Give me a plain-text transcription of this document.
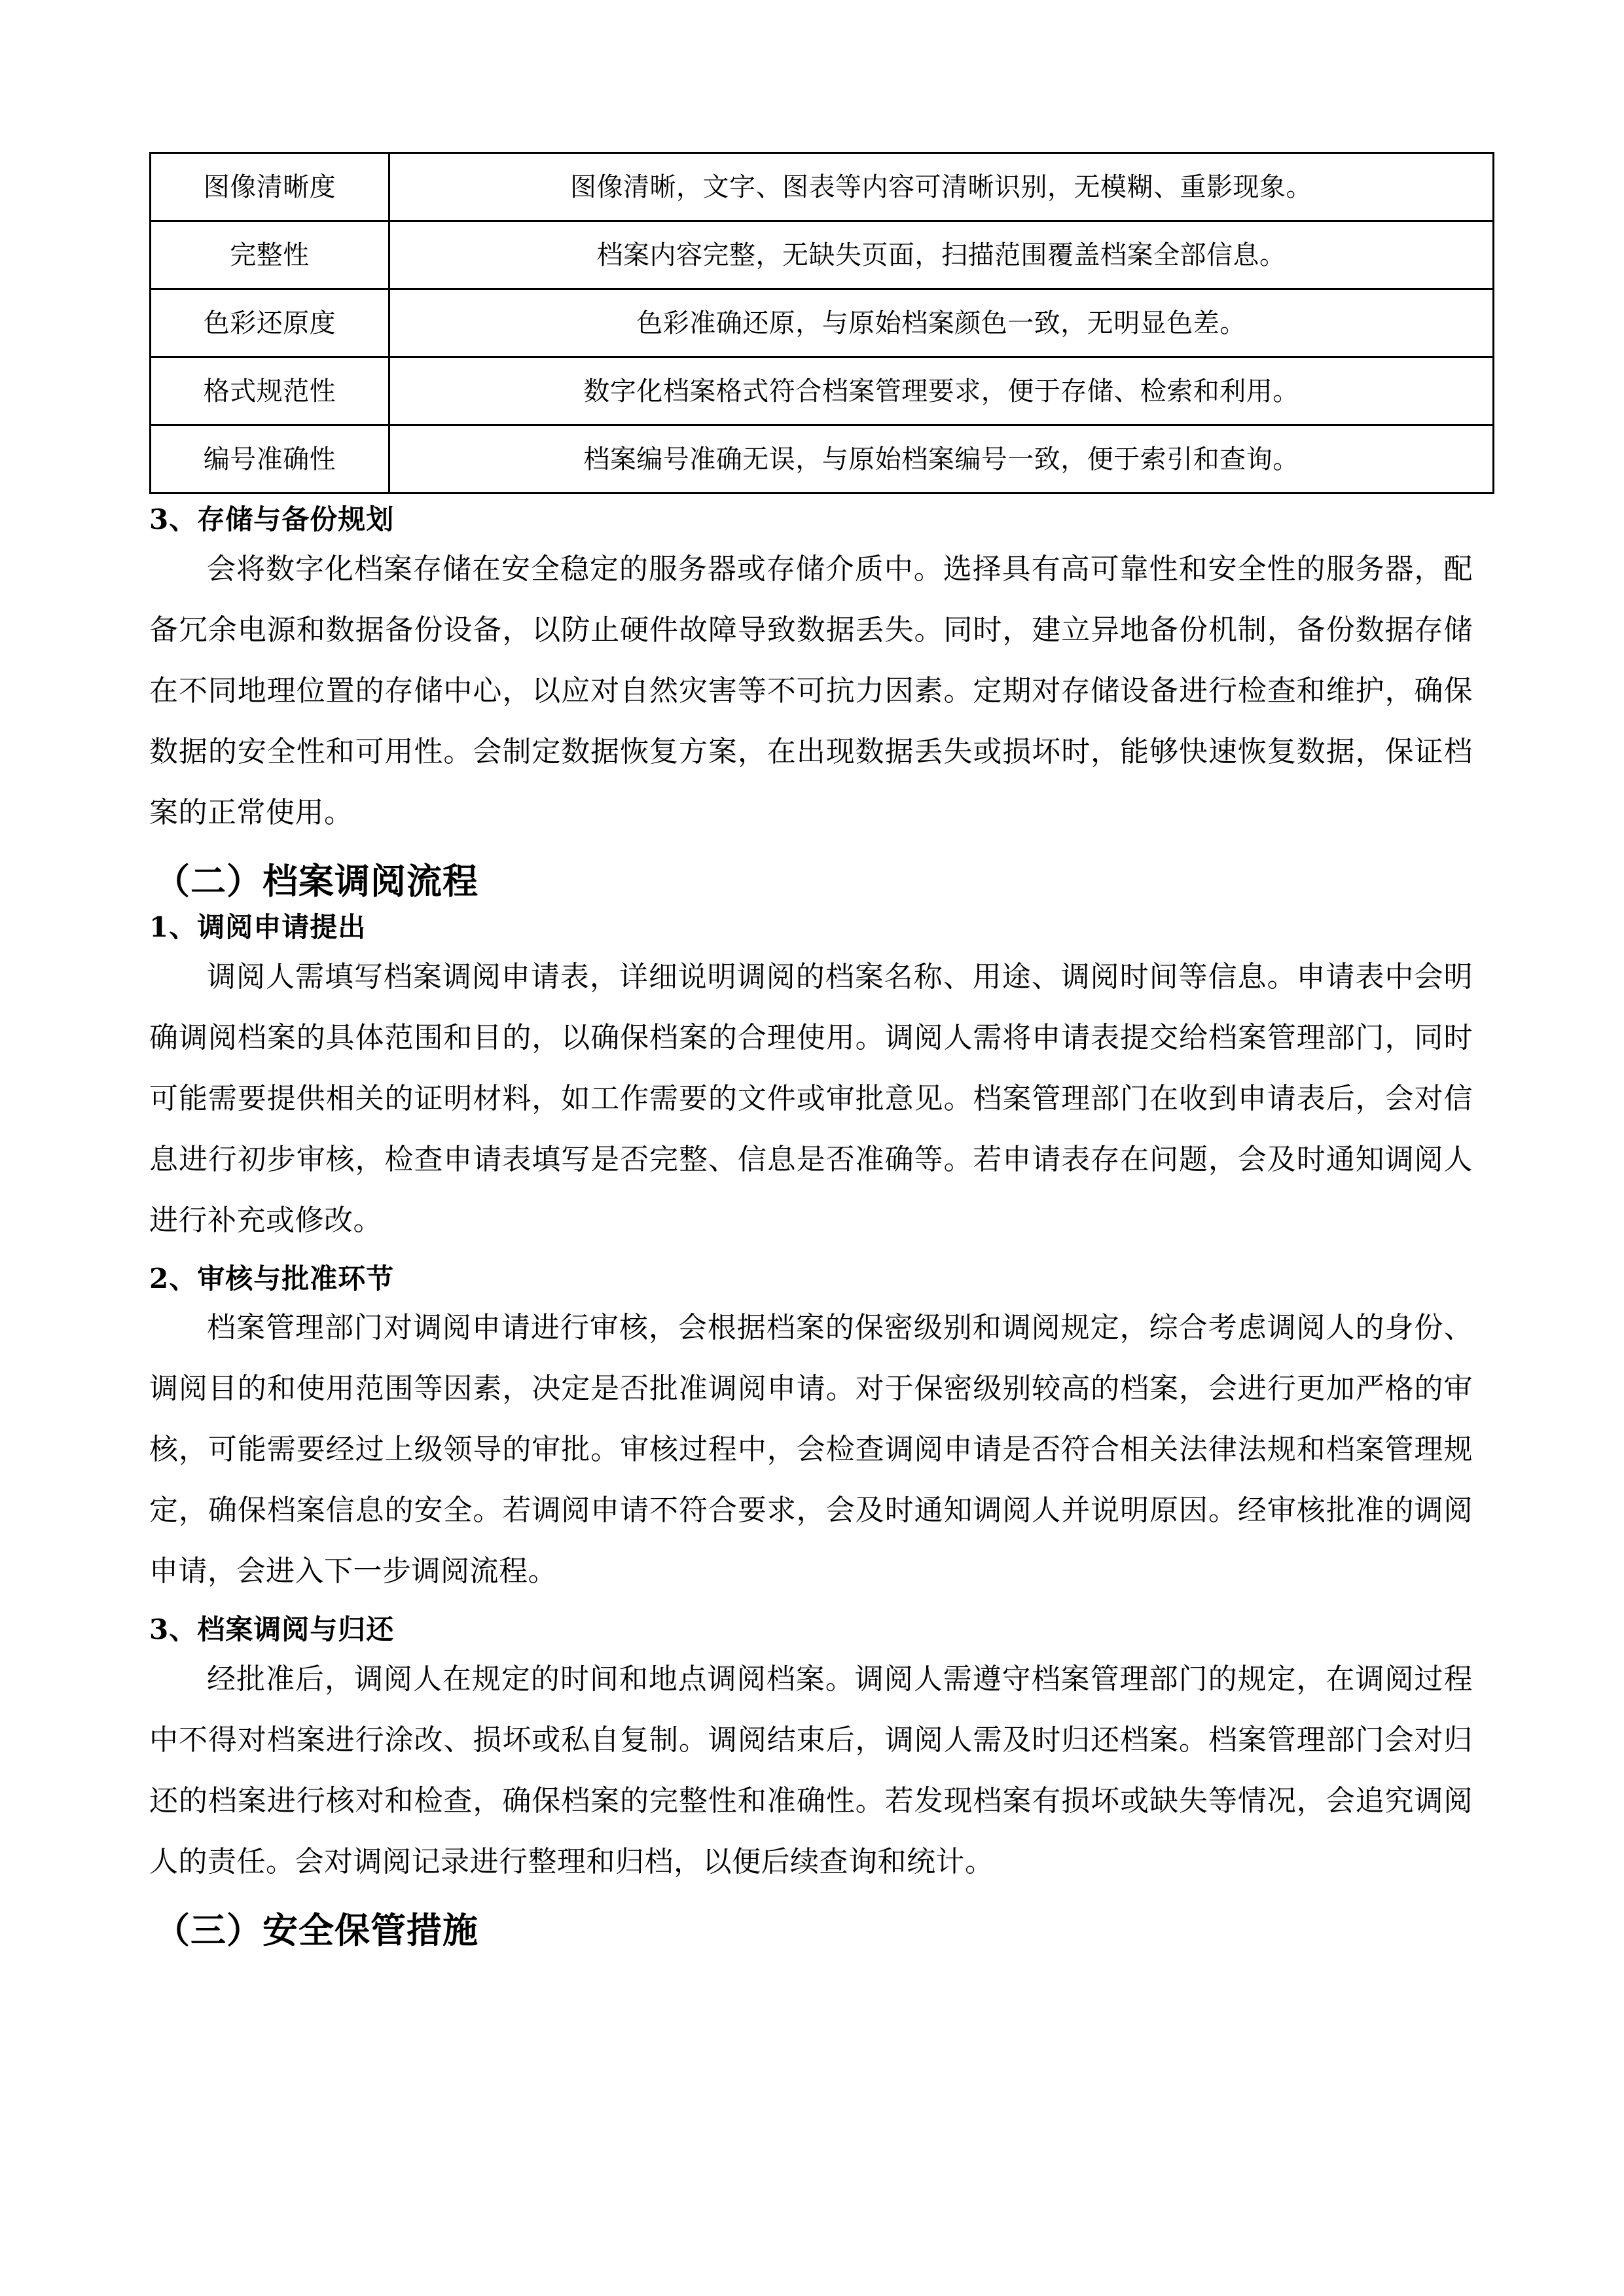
图像清晰度	图像清晰，文字、图表等内容可清晰识别，无模糊、重影现象。
完整性	档案内容完整，无缺失页面，扫描范围覆盖档案全部信息。
色彩还原度	色彩准确还原，与原始档案颜色一致，无明显色差。
格式规范性	数字化档案格式符合档案管理要求，便于存储、检索和利用。
编号准确性	档案编号准确无误，与原始档案编号一致，便于索引和查询。
3、存储与备份规划

会将数字化档案存储在安全稳定的服务器或存储介质中。选择具有高可靠性和安全性的服务器，配备冗余电源和数据备份设备，以防止硬件故障导致数据丢失。同时，建立异地备份机制，备份数据存储在不同地理位置的存储中心，以应对自然灾害等不可抗力因素。定期对存储设备进行检查和维护，确保数据的安全性和可用性。会制定数据恢复方案，在出现数据丢失或损坏时，能够快速恢复数据，保证档案的正常使用。

（二）档案调阅流程
1、调阅申请提出

调阅人需填写档案调阅申请表，详细说明调阅的档案名称、用途、调阅时间等信息。申请表中会明确调阅档案的具体范围和目的，以确保档案的合理使用。调阅人需将申请表提交给档案管理部门，同时可能需要提供相关的证明材料，如工作需要的文件或审批意见。档案管理部门在收到申请表后，会对信息进行初步审核，检查申请表填写是否完整、信息是否准确等。若申请表存在问题，会及时通知调阅人进行补充或修改。

2、审核与批准环节

档案管理部门对调阅申请进行审核，会根据档案的保密级别和调阅规定，综合考虑调阅人的身份、调阅目的和使用范围等因素，决定是否批准调阅申请。对于保密级别较高的档案，会进行更加严格的审核，可能需要经过上级领导的审批。审核过程中，会检查调阅申请是否符合相关法律法规和档案管理规定，确保档案信息的安全。若调阅申请不符合要求，会及时通知调阅人并说明原因。经审核批准的调阅申请，会进入下一步调阅流程。

3、档案调阅与归还

经批准后，调阅人在规定的时间和地点调阅档案。调阅人需遵守档案管理部门的规定，在调阅过程中不得对档案进行涂改、损坏或私自复制。调阅结束后，调阅人需及时归还档案。档案管理部门会对归还的档案进行核对和检查，确保档案的完整性和准确性。若发现档案有损坏或缺失等情况，会追究调阅人的责任。会对调阅记录进行整理和归档，以便后续查询和统计。

（三）安全保管措施
